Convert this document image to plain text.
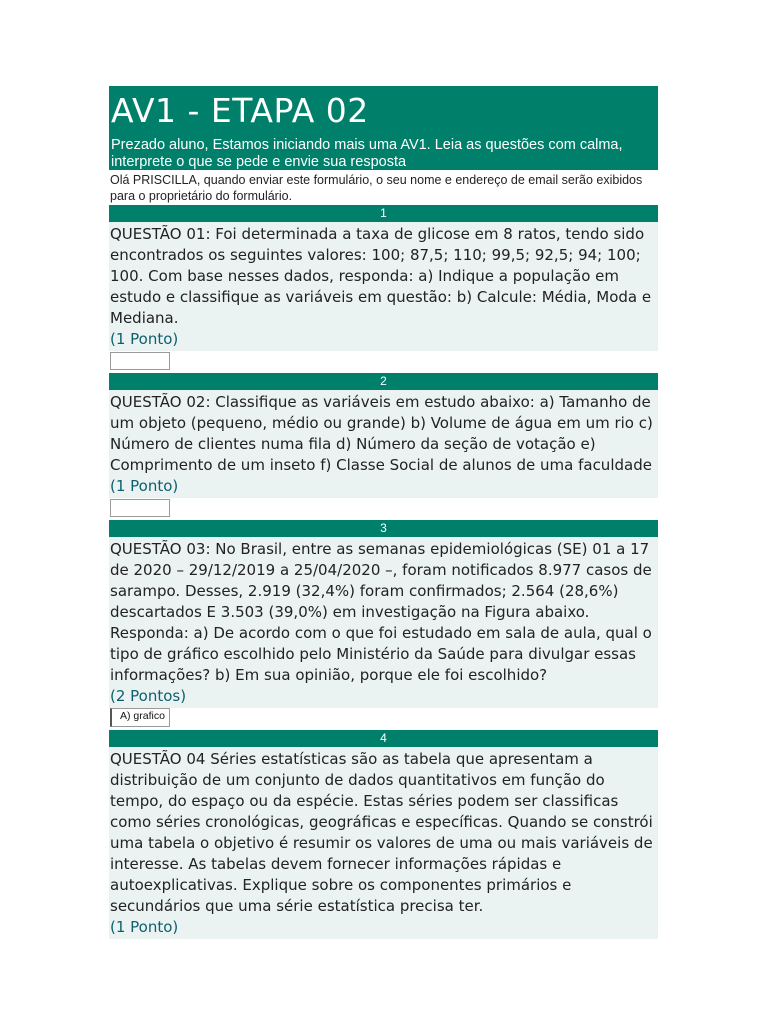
AV1 - ETAPA 02
Prezado aluno, Estamos iniciando mais uma AV1. Leia as questões com calma, interprete o que se pede e envie sua resposta
Olá PRISCILLA, quando enviar este formulário, o seu nome e endereço de email serão exibidos para o proprietário do formulário.
1
QUESTÃO 01: Foi determinada a taxa de glicose em 8 ratos, tendo sido encontrados os seguintes valores: 100; 87,5; 110; 99,5; 92,5; 94; 100; 100. Com base nesses dados, responda: a) Indique a população em estudo e classifique as variáveis em questão: b) Calcule: Média, Moda e Mediana.
(1 Ponto)
2
QUESTÃO 02: Classifique as variáveis em estudo abaixo: a) Tamanho de um objeto (pequeno, médio ou grande) b) Volume de água em um rio c) Número de clientes numa fila d) Número da seção de votação e) Comprimento de um inseto f) Classe Social de alunos de uma faculdade
(1 Ponto)
3
QUESTÃO 03: No Brasil, entre as semanas epidemiológicas (SE) 01 a 17 de 2020 – 29/12/2019 a 25/04/2020 –, foram notificados 8.977 casos de sarampo. Desses, 2.919 (32,4%) foram confirmados; 2.564 (28,6%) descartados E 3.503 (39,0%) em investigação na Figura abaixo. Responda: a) De acordo com o que foi estudado em sala de aula, qual o tipo de gráfico escolhido pelo Ministério da Saúde para divulgar essas informações? b) Em sua opinião, porque ele foi escolhido?
(2 Pontos)
A) grafico
4
QUESTÃO 04 Séries estatísticas são as tabela que apresentam a distribuição de um conjunto de dados quantitativos em função do tempo, do espaço ou da espécie. Estas séries podem ser classificas como séries cronológicas, geográficas e específicas. Quando se constrói uma tabela o objetivo é resumir os valores de uma ou mais variáveis de interesse. As tabelas devem fornecer informações rápidas e autoexplicativas. Explique sobre os componentes primários e secundários que uma série estatística precisa ter.
(1 Ponto)
